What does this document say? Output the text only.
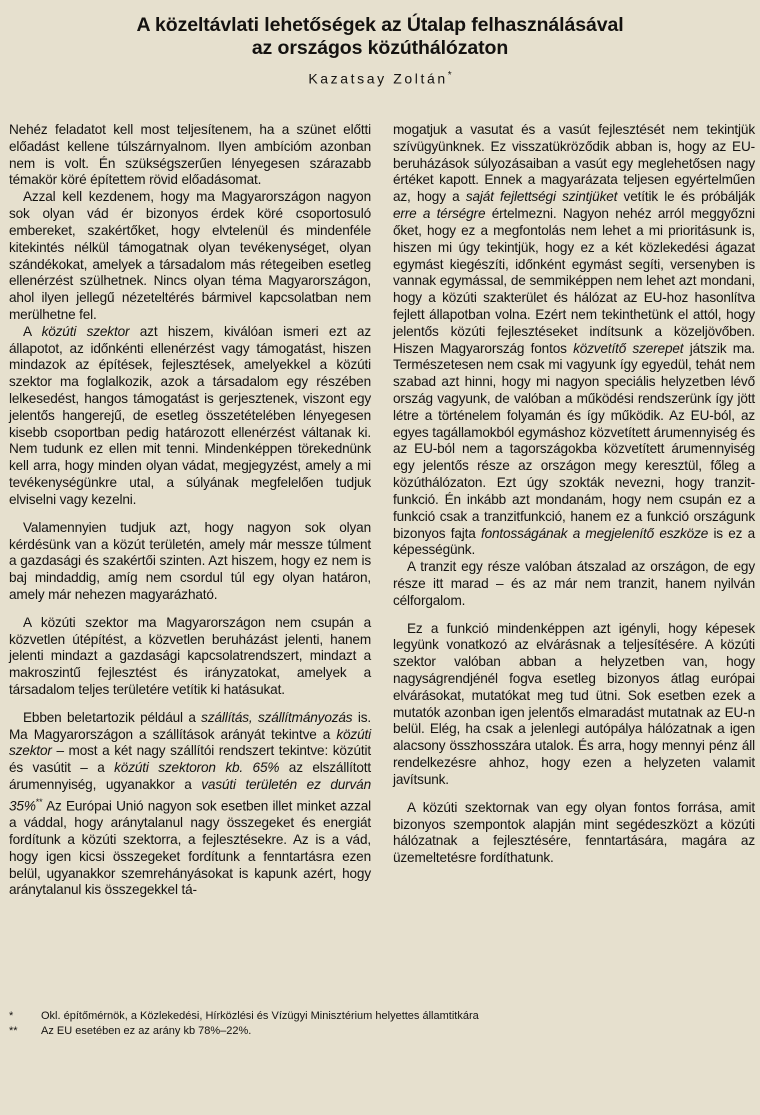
A közeltávlati lehetőségek az Útalap felhasználásával
az országos közúthálózaton
Kazatsay Zoltán*

Nehéz feladatot kell most teljesítenem, ha a szünet előtti előadást kellene túlszárnyalnom. Ilyen ambícióm azonban nem is volt. Én szükségszerűen lényegesen szárazabb témakör köré építettem rövid előadásomat.

Azzal kell kezdenem, hogy ma Magyarországon nagyon sok olyan vád ér bizonyos érdek köré csoportosuló embereket, szakértőket, hogy elvtelenül és mindenféle kitekintés nélkül támogatnak olyan tevékenységet, olyan szándékokat, amelyek a társadalom más rétegeiben esetleg ellenérzést szülhetnek. Nincs olyan téma Magyarországon, ahol ilyen jellegű nézeteltérés bármivel kapcsolatban nem merülhetne fel.

A közúti szektor azt hiszem, kiválóan ismeri ezt az állapotot, az időnkénti ellenérzést vagy támogatást, hiszen mindazok az építések, fejlesztések, amelyekkel a közúti szektor ma foglalkozik, azok a társadalom egy részében lelkesedést, hangos támogatást is gerjesztenek, viszont egy jelentős hangerejű, de esetleg összetételében lényegesen kisebb csoportban pedig határozott ellenérzést váltanak ki. Nem tudunk ez ellen mit tenni. Mindenképpen törekednünk kell arra, hogy minden olyan vádat, megjegyzést, amely a mi tevékenységünkre utal, a súlyának megfelelően tudjuk elviselni vagy kezelni.

Valamennyien tudjuk azt, hogy nagyon sok olyan kérdésünk van a közút területén, amely már messze túlment a gazdasági és szakértői szinten. Azt hiszem, hogy ez nem is baj mindaddig, amíg nem csordul túl egy olyan határon, amely már nehezen magyarázható.

A közúti szektor ma Magyarországon nem csupán a közvetlen útépítést, a közvetlen beruházást jelenti, hanem jelenti mindazt a gazdasági kapcsolatrendszert, mindazt a makroszintű fejlesztést és irányzatokat, amelyek a társadalom teljes területére vetítik ki hatásukat.

Ebben beletartozik például a szállítás, szállítmányozás is. Ma Magyarországon a szállítások arányát tekintve a közúti szektor – most a két nagy szállítói rendszert tekintve: közútit és vasútit – a közúti szektoron kb. 65% az elszállított árumennyiség, ugyanakkor a vasúti területén ez durván 35%** Az Európai Unió nagyon sok esetben illet minket azzal a váddal, hogy aránytalanul nagy összegeket és energiát fordítunk a közúti szektorra, a fejlesztésekre. Az is a vád, hogy igen kicsi összegeket fordítunk a fenntartásra ezen belül, ugyanakkor szemrehányásokat is kapunk azért, hogy aránytalanul kis összegekkel tá-

mogatjuk a vasutat és a vasút fejlesztését nem tekintjük szívügyünknek. Ez visszatükröződik abban is, hogy az EU-beruházások súlyozásaiban a vasút egy meglehetősen nagy értéket kapott. Ennek a magyarázata teljesen egyértelműen az, hogy a saját fejlettségi szintjüket vetítik le és próbálják erre a térségre értelmezni. Nagyon nehéz arról meggyőzni őket, hogy ez a megfontolás nem lehet a mi prioritásunk is, hiszen mi úgy tekintjük, hogy ez a két közlekedési ágazat egymást kiegészíti, időnként egymást segíti, versenyben is vannak egymással, de semmiképpen nem lehet azt mondani, hogy a közúti szakterület és hálózat az EU-hoz hasonlítva fejlett állapotban volna. Ezért nem tekinthetünk el attól, hogy jelentős közúti fejlesztéseket indítsunk a közeljövőben. Hiszen Magyarország fontos közvetítő szerepet játszik ma. Természetesen nem csak mi vagyunk így egyedül, tehát nem szabad azt hinni, hogy mi nagyon speciális helyzetben lévő ország vagyunk, de valóban a működési rendszerünk így jött létre a történelem folyamán és így működik. Az EU-ból, az egyes tagállamokból egymáshoz közvetített árumennyiség és az EU-ból nem a tagországokba közvetített árumennyiség egy jelentős része az országon megy keresztül, főleg a közúthálózaton. Ezt úgy szokták nevezni, hogy tranzit-funkció. Én inkább azt mondanám, hogy nem csupán ez a funkció csak a tranzitfunkció, hanem ez a funkció országunk bizonyos fajta fontosságának a megjelenítő eszköze is ez a képességünk.

A tranzit egy része valóban átszalad az országon, de egy része itt marad – és az már nem tranzit, hanem nyilván célforgalom.

Ez a funkció mindenképpen azt igényli, hogy képesek legyünk vonatkozó az elvárásnak a teljesítésére. A közúti szektor valóban abban a helyzetben van, hogy nagyságrendjénél fogva esetleg bizonyos átlag európai elvárásokat, mutatókat meg tud ütni. Sok esetben ezek a mutatók azonban igen jelentős elmaradást mutatnak az EU-n belül. Elég, ha csak a jelenlegi autópálya hálózatnak a igen alacsony összhosszára utalok. És arra, hogy mennyi pénz áll rendelkezésre ahhoz, hogy ezen a helyzeten valamit javítsunk.

A közúti szektornak van egy olyan fontos forrása, amit bizonyos szempontok alapján mint segédeszközt a közúti hálózatnak a fejlesztésére, fenntartására, magára az üzemeltetésre fordíthatunk.

*	Okl. építőmérnök, a Közlekedési, Hírközlési és Vízügyi Minisztérium helyettes államtitkára
**	Az EU esetében ez az arány kb 78%–22%.
